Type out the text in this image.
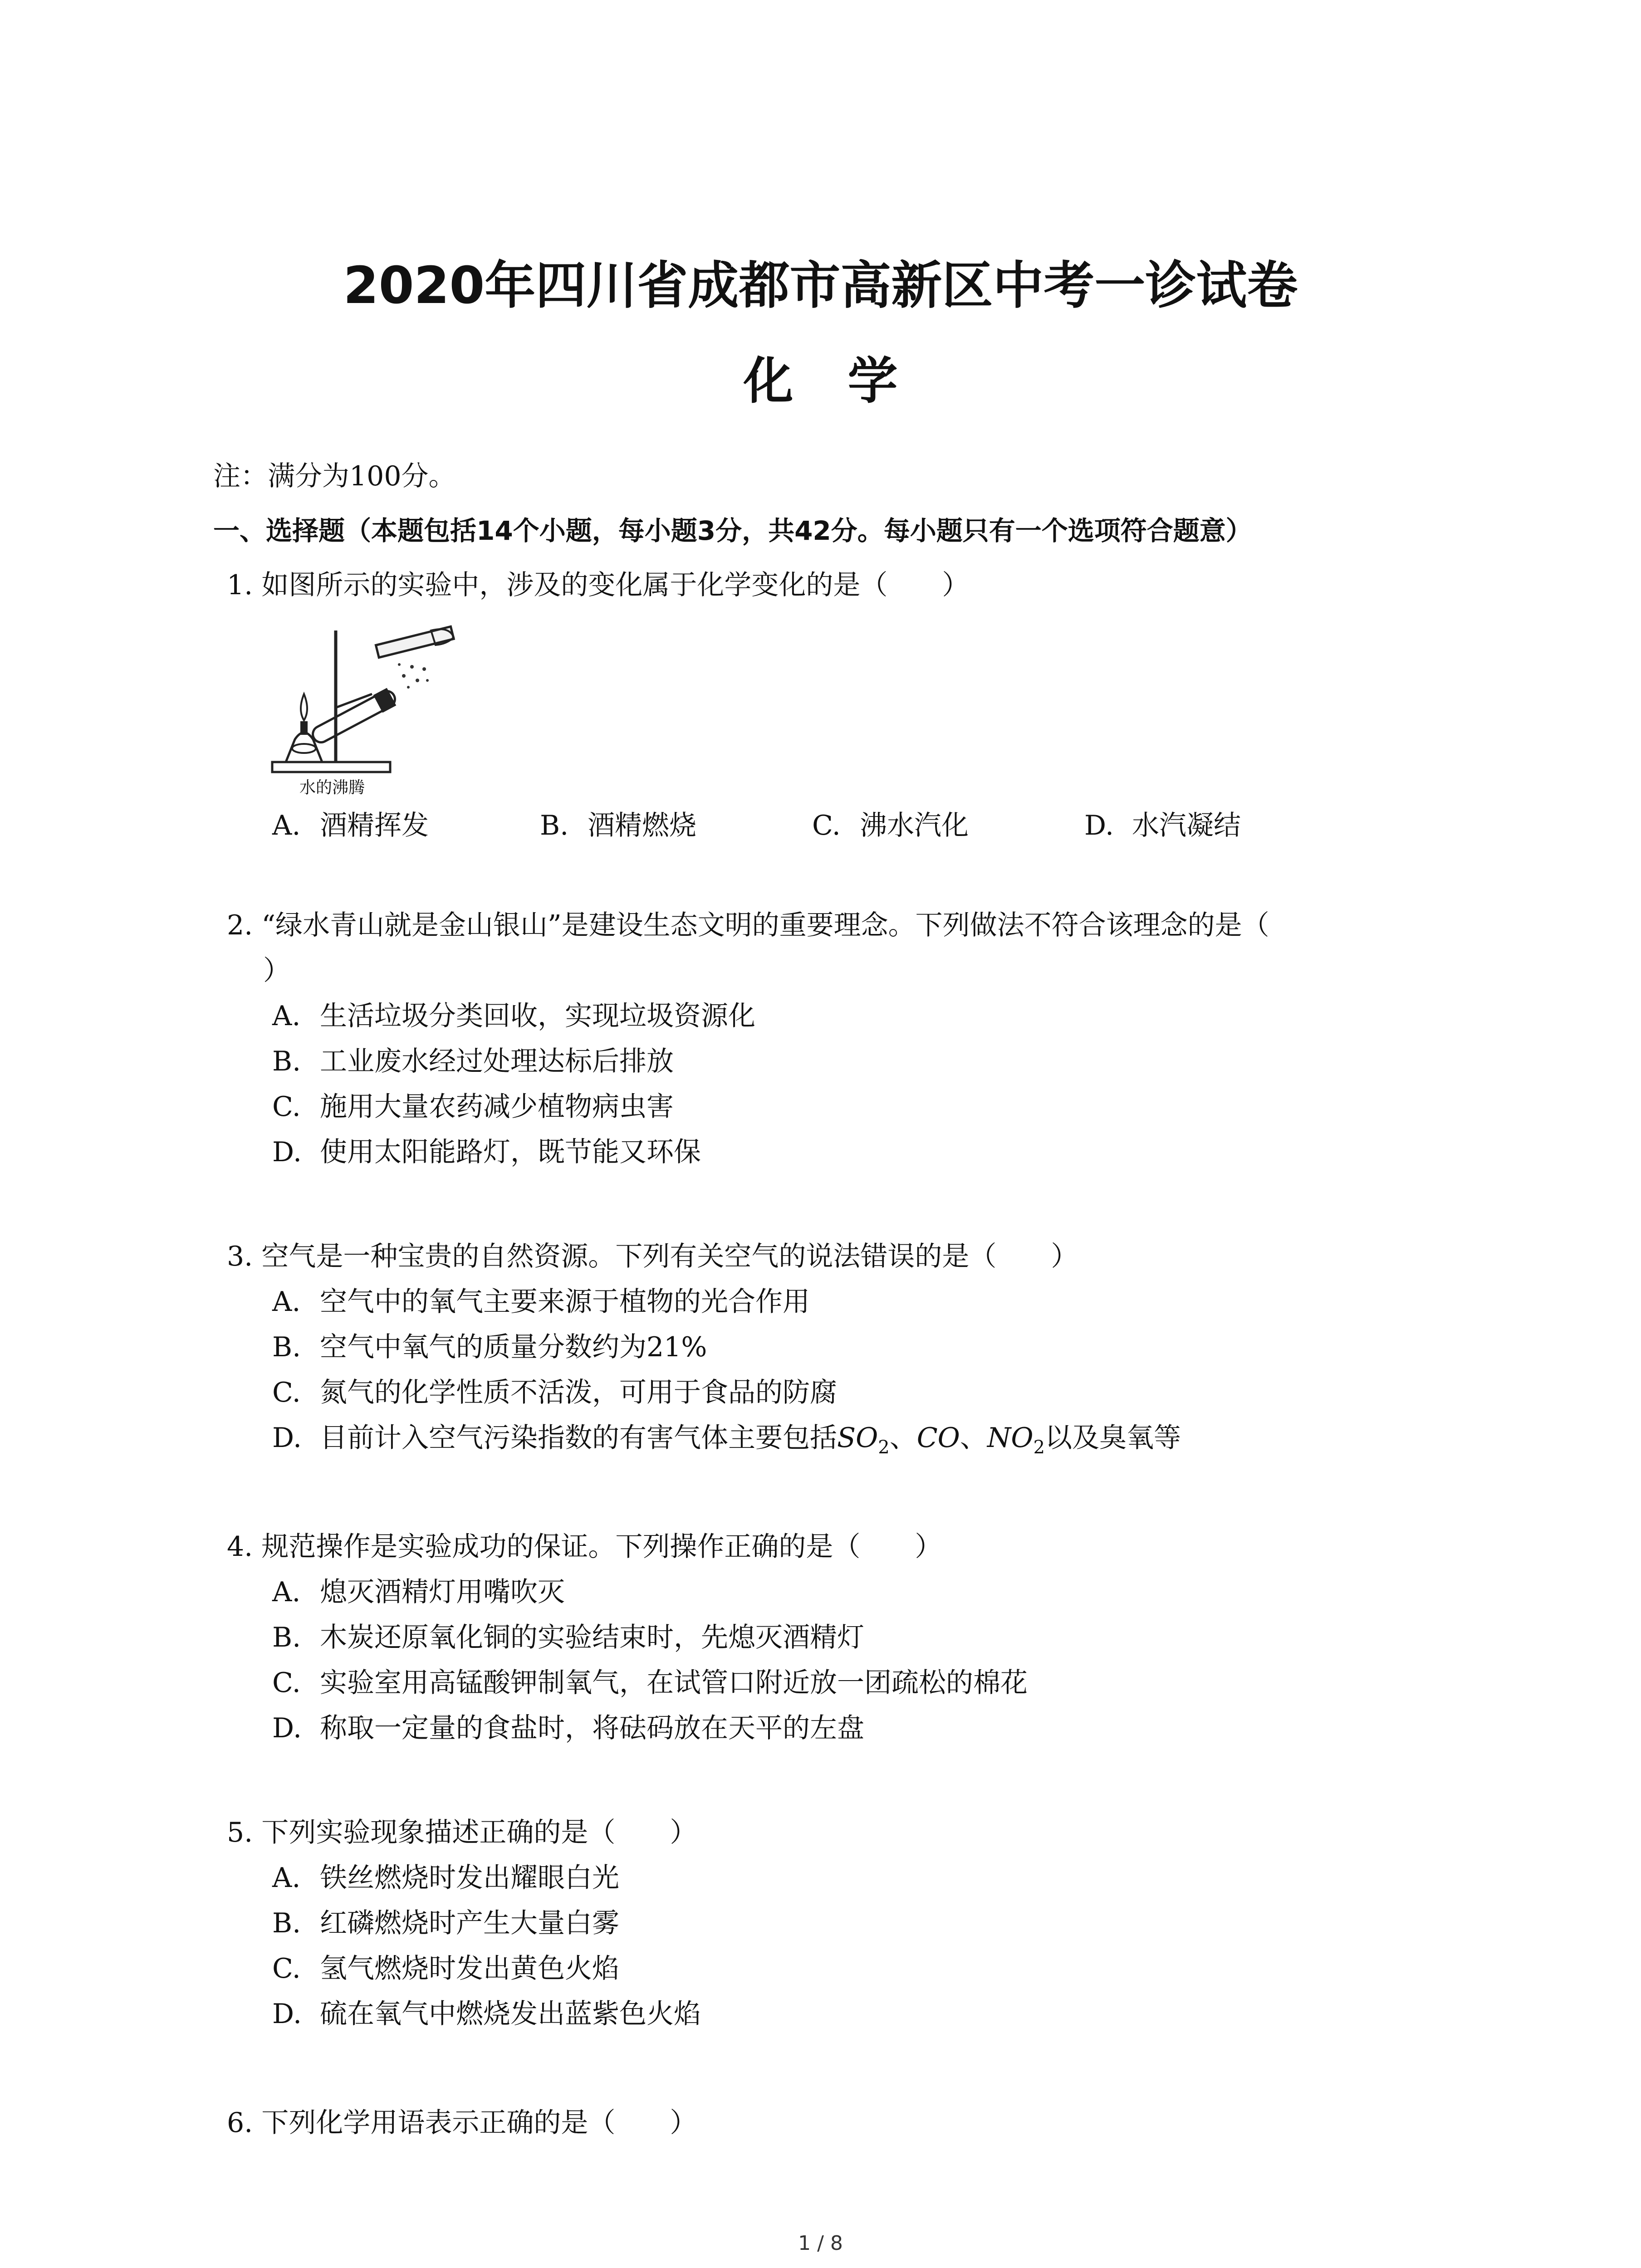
2020年四川省成都市高新区中考一诊试卷
化学
注：满分为100分。
一、选择题（本题包括14个小题，每小题3分，共42分。每小题只有一个选项符合题意）
1. 如图所示的实验中，涉及的变化属于化学变化的是（　　）
水的沸腾
A. 酒精挥发	B. 酒精燃烧	C. 沸水汽化	D. 水汽凝结
2. “绿水青山就是金山银山”是建设生态文明的重要理念。下列做法不符合该理念的是（
）
A. 生活垃圾分类回收，实现垃圾资源化
B. 工业废水经过处理达标后排放
C. 施用大量农药减少植物病虫害
D. 使用太阳能路灯，既节能又环保
3. 空气是一种宝贵的自然资源。下列有关空气的说法错误的是（　　）
A. 空气中的氧气主要来源于植物的光合作用
B. 空气中氧气的质量分数约为21%
C. 氮气的化学性质不活泼，可用于食品的防腐
D. 目前计入空气污染指数的有害气体主要包括$SO_2$、CO、$NO_2$以及臭氧等
4. 规范操作是实验成功的保证。下列操作正确的是（　　）
A. 熄灭酒精灯用嘴吹灭
B. 木炭还原氧化铜的实验结束时，先熄灭酒精灯
C. 实验室用高锰酸钾制氧气，在试管口附近放一团疏松的棉花
D. 称取一定量的食盐时，将砝码放在天平的左盘
5. 下列实验现象描述正确的是（　　）
A. 铁丝燃烧时发出耀眼白光
B. 红磷燃烧时产生大量白雾
C. 氢气燃烧时发出黄色火焰
D. 硫在氧气中燃烧发出蓝紫色火焰
6. 下列化学用语表示正确的是（　　）
1 / 8
